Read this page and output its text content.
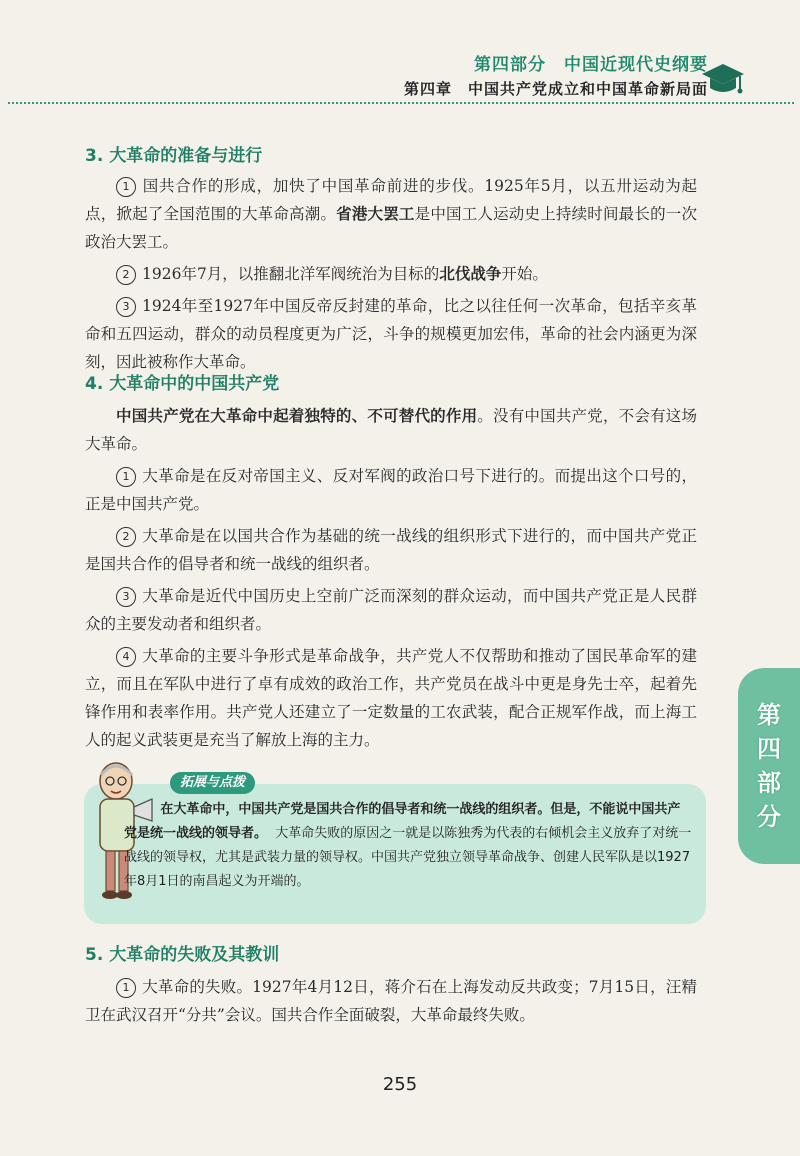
第四部分　中国近现代史纲要
第四章　中国共产党成立和中国革命新局面
第
四
部
分
3. 大革命的准备与进行

1 国共合作的形成，加快了中国革命前进的步伐。1925年5月，以五卅运动为起点，掀起了全国范围的大革命高潮。省港大罢工是中国工人运动史上持续时间最长的一次政治大罢工。

2 1926年7月，以推翻北洋军阀统治为目标的北伐战争开始。

3 1924年至1927年中国反帝反封建的革命，比之以往任何一次革命，包括辛亥革命和五四运动，群众的动员程度更为广泛，斗争的规模更加宏伟，革命的社会内涵更为深刻，因此被称作大革命。

4. 大革命中的中国共产党

中国共产党在大革命中起着独特的、不可替代的作用。没有中国共产党，不会有这场大革命。

1 大革命是在反对帝国主义、反对军阀的政治口号下进行的。而提出这个口号的，正是中国共产党。

2 大革命是在以国共合作为基础的统一战线的组织形式下进行的，而中国共产党正是国共合作的倡导者和统一战线的组织者。

3 大革命是近代中国历史上空前广泛而深刻的群众运动，而中国共产党正是人民群众的主要发动者和组织者。

4 大革命的主要斗争形式是革命战争，共产党人不仅帮助和推动了国民革命军的建立，而且在军队中进行了卓有成效的政治工作，共产党员在战斗中更是身先士卒，起着先锋作用和表率作用。共产党人还建立了一定数量的工农武装，配合正规军作战，而上海工人的起义武装更是充当了解放上海的主力。

拓展与点拨

在大革命中，中国共产党是国共合作的倡导者和统一战线的组织者。但是，不能说中国共产党是统一战线的领导者。 大革命失败的原因之一就是以陈独秀为代表的右倾机会主义放弃了对统一战线的领导权，尤其是武装力量的领导权。中国共产党独立领导革命战争、创建人民军队是以1927年8月1日的南昌起义为开端的。

5. 大革命的失败及其教训

1 大革命的失败。1927年4月12日，蒋介石在上海发动反共政变；7月15日，汪精卫在武汉召开“分共”会议。国共合作全面破裂，大革命最终失败。

255
